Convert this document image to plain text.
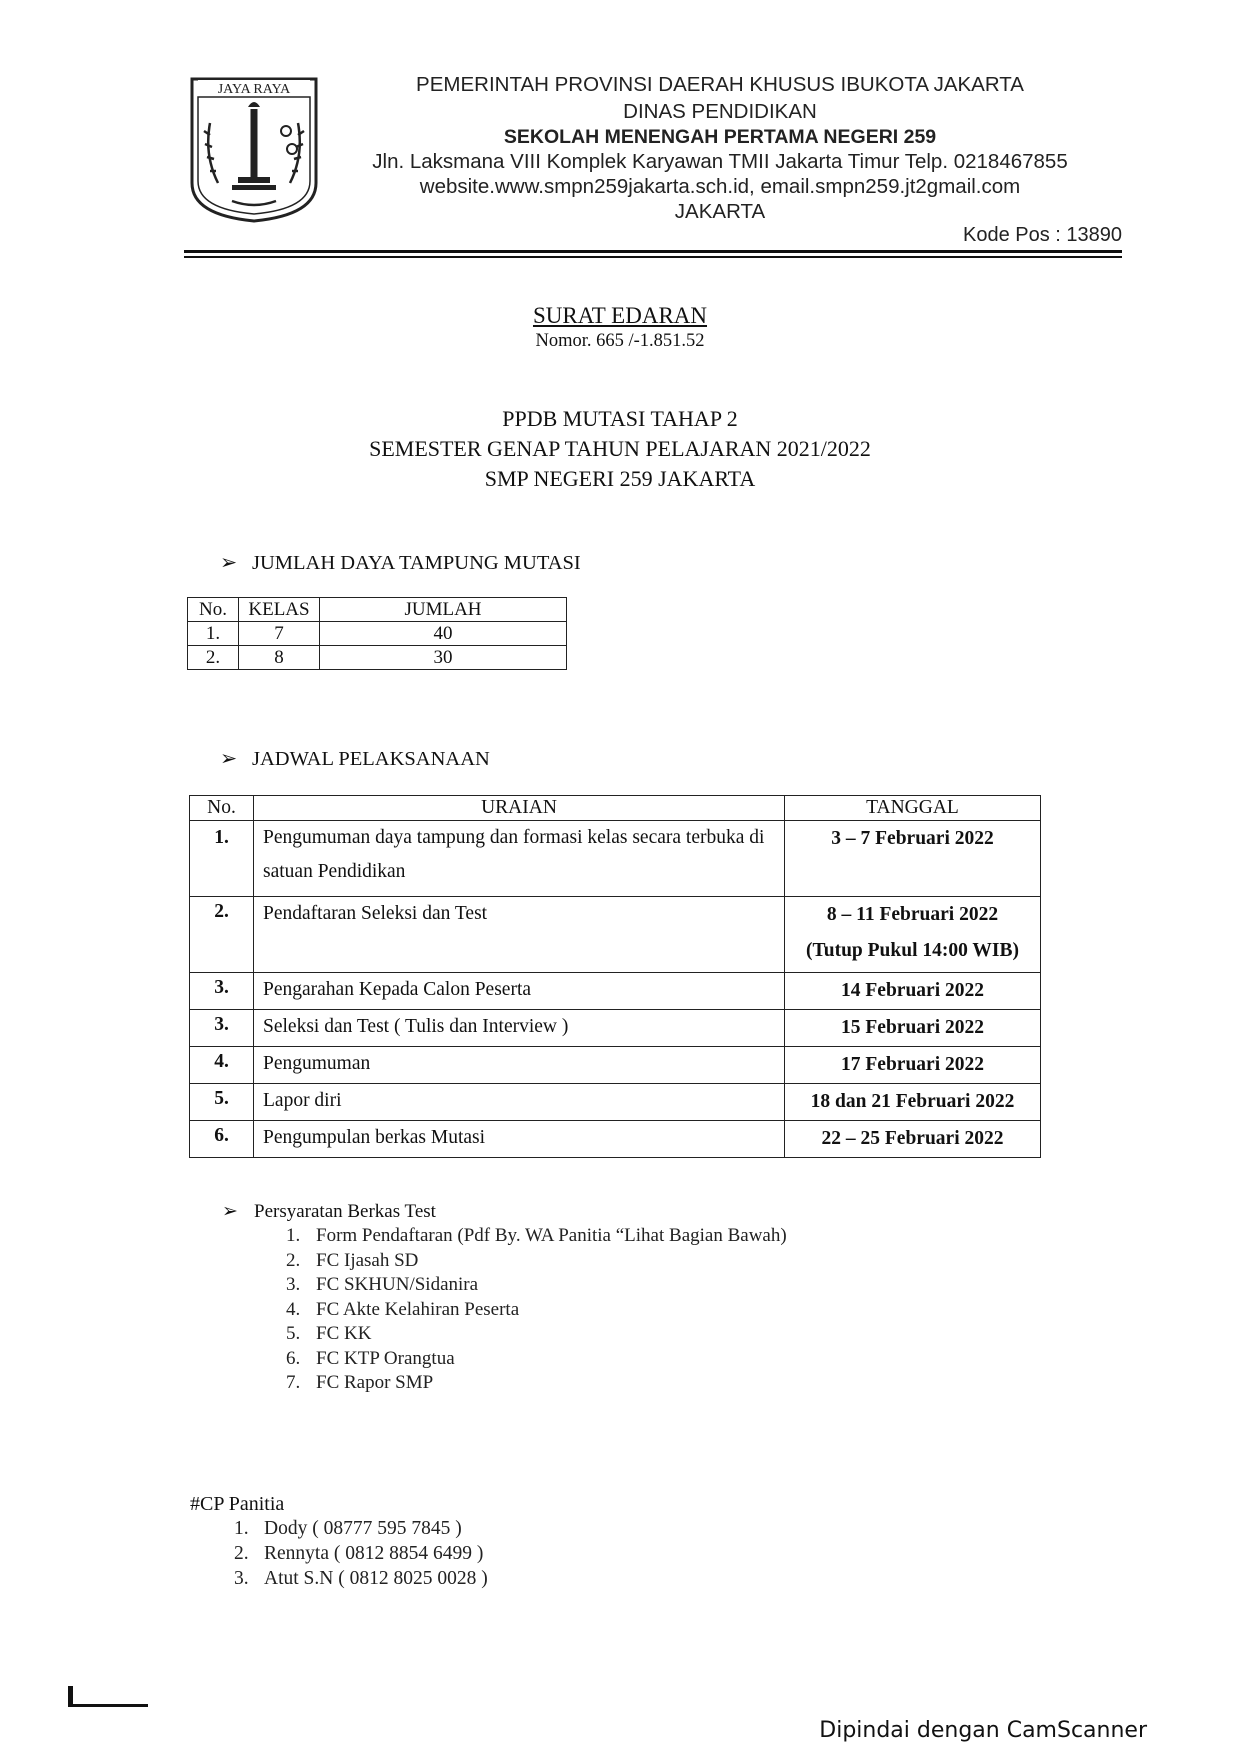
JAYA RAYA	PEMERINTAH PROVINSI DAERAH KHUSUS IBUKOTA JAKARTA
DINAS PENDIDIKAN
SEKOLAH MENENGAH PERTAMA NEGERI 259
Jln. Laksmana VIII Komplek Karyawan TMII Jakarta Timur Telp. 0218467855
website.www.smpn259jakarta.sch.id, email.smpn259.jt2gmail.com
JAKARTA
Kode Pos : 13890
SURAT EDARAN
Nomor. 665 /-1.851.52
PPDB MUTASI TAHAP 2
SEMESTER GENAP TAHUN PELAJARAN 2021/2022
SMP NEGERI 259 JAKARTA
➢ JUMLAH DAYA TAMPUNG MUTASI
No.	KELAS	JUMLAH
1.	7	40
2.	8	30
➢ JADWAL PELAKSANAAN
No.	URAIAN	TANGGAL
1.	Pengumuman daya tampung dan formasi kelas secara terbuka di satuan Pendidikan	3 – 7 Februari 2022
2.	Pendaftaran Seleksi dan Test	8 – 11 Februari 2022
(Tutup Pukul 14:00 WIB)

3.	Pengarahan Kepada Calon Peserta	14 Februari 2022
3.	Seleksi dan Test ( Tulis dan Interview )	15 Februari 2022
4.	Pengumuman	17 Februari 2022
5.	Lapor diri	18 dan 21 Februari 2022
6.	Pengumpulan berkas Mutasi	22 – 25 Februari 2022
➢ Persyaratan Berkas Test
1. Form Pendaftaran (Pdf By. WA Panitia “Lihat Bagian Bawah)
2. FC Ijasah SD
3. FC SKHUN/Sidanira
4. FC Akte Kelahiran Peserta
5. FC KK
6. FC KTP Orangtua
7. FC Rapor SMP
#CP Panitia
1. Dody ( 08777 595 7845 )
2. Rennyta ( 0812 8854 6499 )
3. Atut S.N ( 0812 8025 0028 )
Dipindai dengan CamScanner
